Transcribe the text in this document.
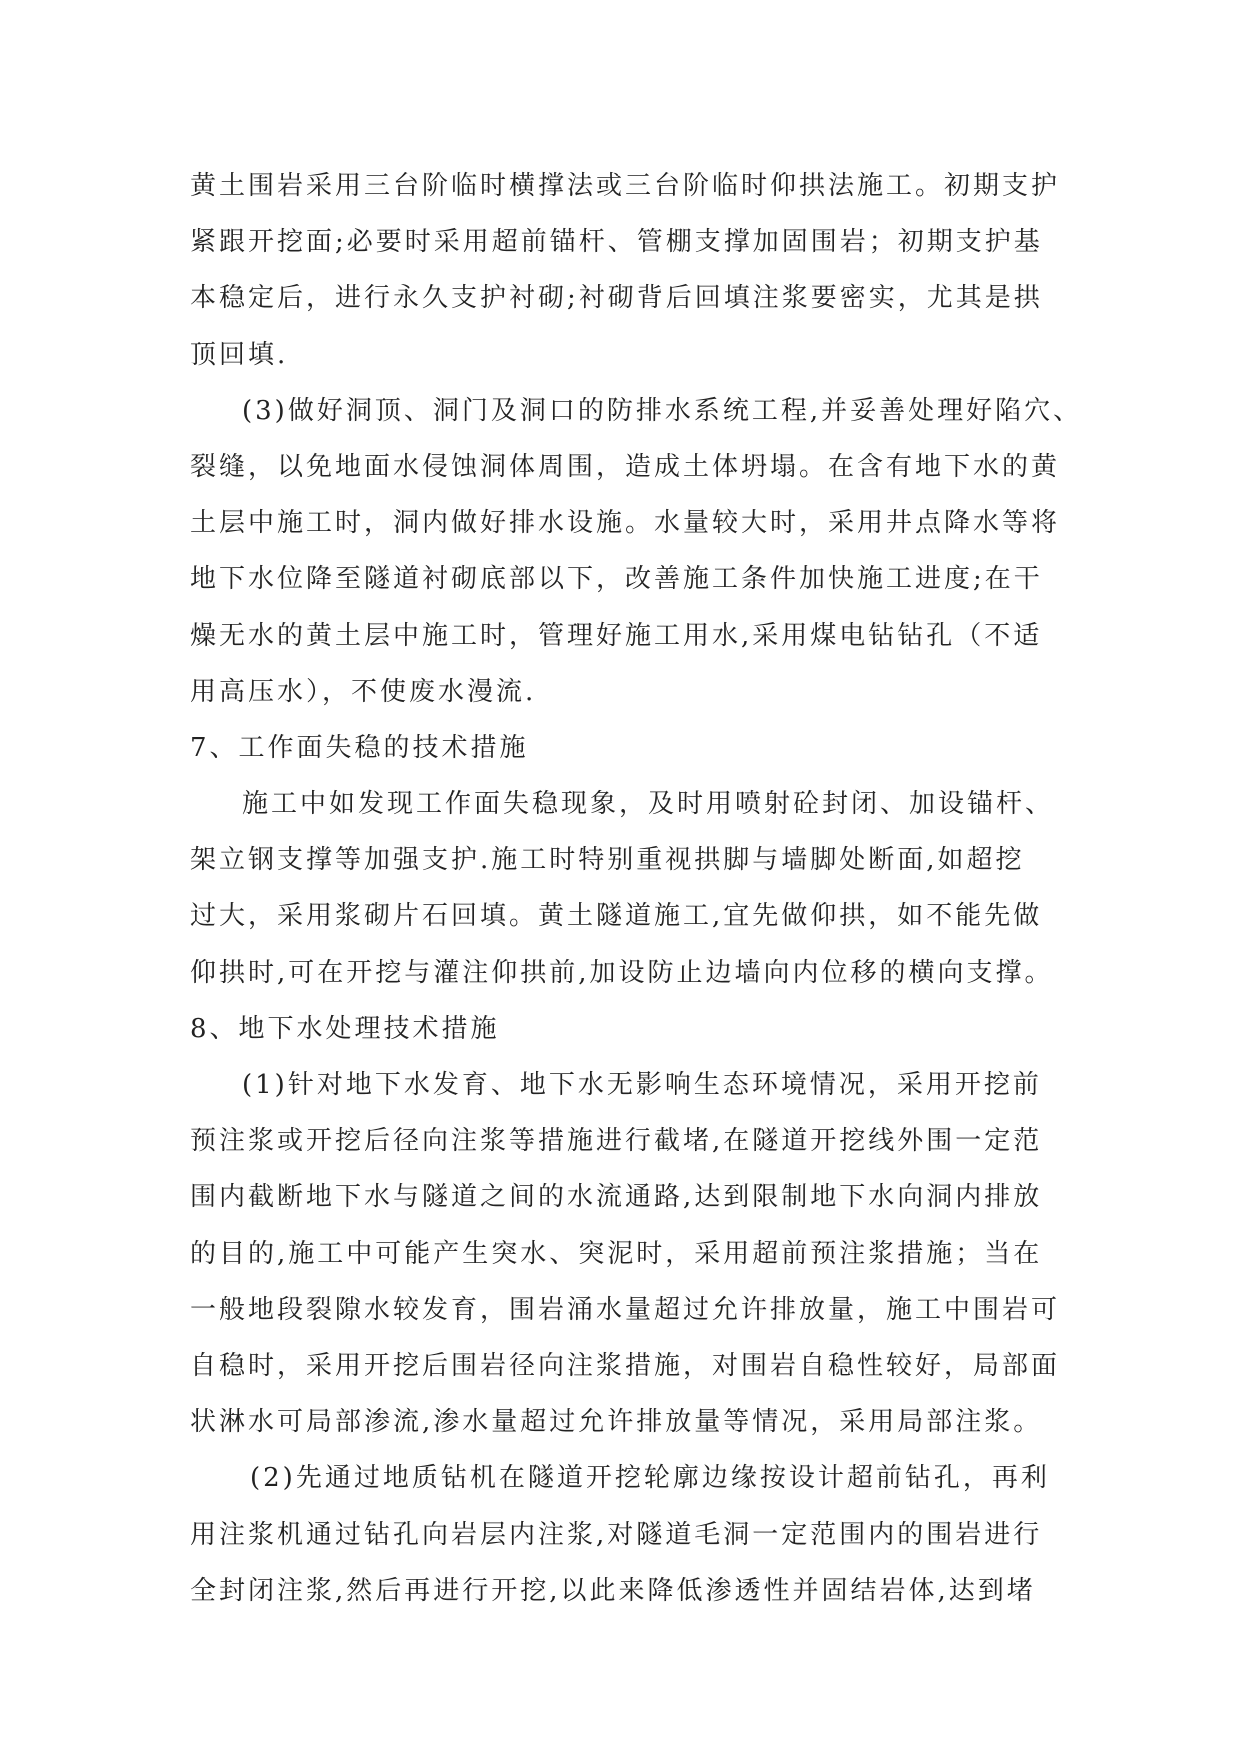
黄土围岩采用三台阶临时横撑法或三台阶临时仰拱法施工。初期支护
紧跟开挖面;必要时采用超前锚杆、管棚支撑加固围岩；初期支护基
本稳定后，进行永久支护衬砌;衬砌背后回填注浆要密实，尤其是拱
顶回填.
(3)做好洞顶、洞门及洞口的防排水系统工程,并妥善处理好陷穴、
裂缝，以免地面水侵蚀洞体周围，造成土体坍塌。在含有地下水的黄
土层中施工时，洞内做好排水设施。水量较大时，采用井点降水等将
地下水位降至隧道衬砌底部以下，改善施工条件加快施工进度;在干
燥无水的黄土层中施工时，管理好施工用水,采用煤电钻钻孔（不适
用高压水），不使废水漫流.
7、工作面失稳的技术措施
施工中如发现工作面失稳现象，及时用喷射砼封闭、加设锚杆、
架立钢支撑等加强支护.施工时特别重视拱脚与墙脚处断面,如超挖
过大，采用浆砌片石回填。黄土隧道施工,宜先做仰拱，如不能先做
仰拱时,可在开挖与灌注仰拱前,加设防止边墙向内位移的横向支撑。
8、地下水处理技术措施
(1)针对地下水发育、地下水无影响生态环境情况，采用开挖前
预注浆或开挖后径向注浆等措施进行截堵,在隧道开挖线外围一定范
围内截断地下水与隧道之间的水流通路,达到限制地下水向洞内排放
的目的,施工中可能产生突水、突泥时，采用超前预注浆措施；当在
一般地段裂隙水较发育，围岩涌水量超过允许排放量，施工中围岩可
自稳时，采用开挖后围岩径向注浆措施，对围岩自稳性较好，局部面
状淋水可局部渗流,渗水量超过允许排放量等情况，采用局部注浆。
(2)先通过地质钻机在隧道开挖轮廓边缘按设计超前钻孔，再利
用注浆机通过钻孔向岩层内注浆,对隧道毛洞一定范围内的围岩进行
全封闭注浆,然后再进行开挖,以此来降低渗透性并固结岩体,达到堵
